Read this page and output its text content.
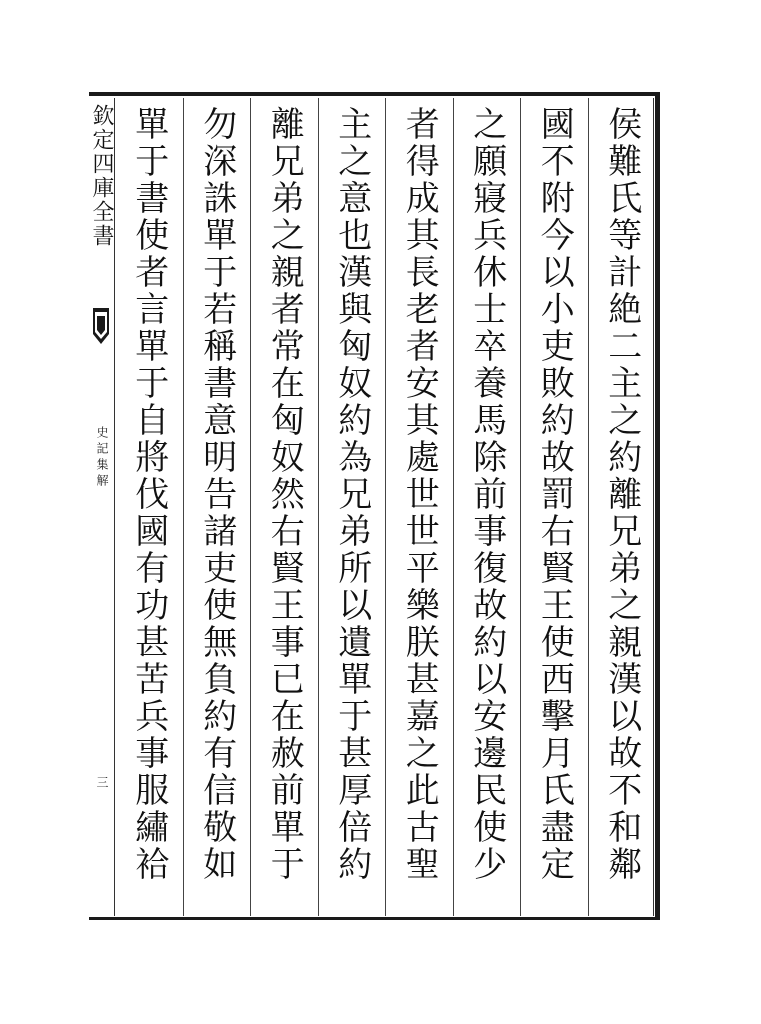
欽定四庫全書
史記集解
三	侯難氏等計絶二主之約離兄弟之親漢以故不和鄰
國不附今以小吏敗約故罰右賢王使西擊月氏盡定
之願寢兵休士卒養馬除前事復故約以安邊民使少
者得成其長老者安其處世世平樂朕甚嘉之此古聖
主之意也漢與匈奴約為兄弟所以遺單于甚厚倍約
離兄弟之親者常在匈奴然右賢王事已在赦前單于
勿深誅單于若稱書意明告諸吏使無負約有信敬如
單于書使者言單于自將伐國有功甚苦兵事服繡袷
